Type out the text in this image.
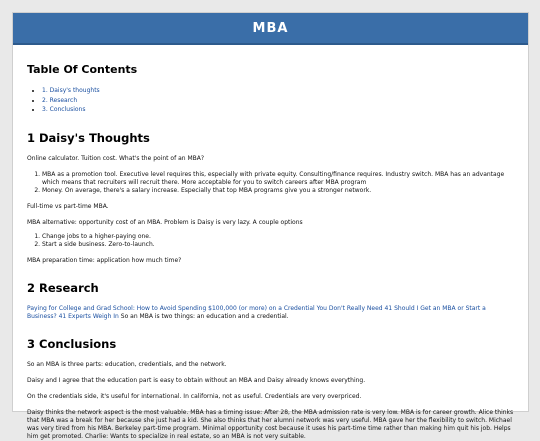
MBA
Table Of Contents
• 1. Daisy's thoughts
• 2. Research
• 3. Conclusions
1 Daisy's Thoughts

Online calculator. Tuition cost. What's the point of an MBA?

1. MBA as a promotion tool. Executive level requires this, especially with private equity. Consulting/finance requires. Industry switch. MBA has an advantage which means that recruiters will recruit there. More acceptable for you to switch careers after MBA program
2. Money. On average, there's a salary increase. Especially that top MBA programs give you a stronger network.

Full-time vs part-time MBA.

MBA alternative: opportunity cost of an MBA. Problem is Daisy is very lazy. A couple options

1. Change jobs to a higher-paying one.
2. Start a side business. Zero-to-launch.

MBA preparation time: application how much time?

2 Research

Paying for College and Grad School: How to Avoid Spending $100,000 (or more) on a Credential You Don't Really Need 41 Should I Get an MBA or Start a Business? 41 Experts Weigh In So an MBA is two things: an education and a credential.

3 Conclusions

So an MBA is three parts: education, credentials, and the network.

Daisy and I agree that the education part is easy to obtain without an MBA and Daisy already knows everything.

On the credentials side, it's useful for international. In california, not as useful. Credentials are very overpriced.

Daisy thinks the network aspect is the most valuable. MBA has a timing issue: After 28, the MBA admission rate is very low. MBA is for career growth. Alice thinks that MBA was a break for her because she just had a kid. She also thinks that her alumni network was very useful. MBA gave her the flexibility to switch. Michael was very tired from his MBA. Berkeley part-time program. Minimal opportunity cost because it uses his part-time time rather than making him quit his job. Helps him get promoted. Charlie: Wants to specialize in real estate, so an MBA is not very suitable.
